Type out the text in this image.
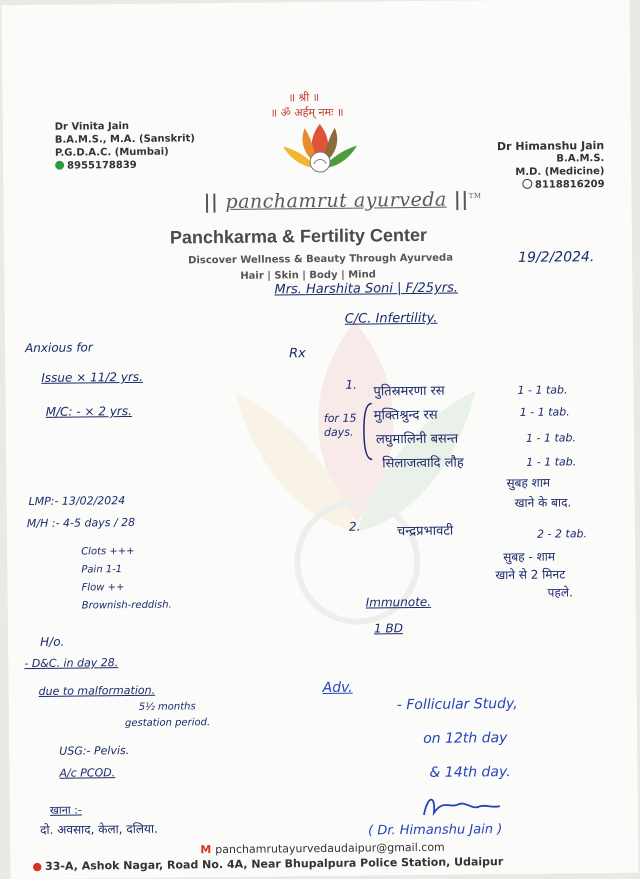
॥ श्री ॥
॥ ॐ अर्हम् नमः ॥
Dr Vinita Jain
B.A.M.S., M.A. (Sanskrit)
P.G.D.A.C. (Mumbai)
8955178839
Dr Himanshu Jain
B.A.M.S.
M.D. (Medicine)
8118816209
|| panchamrut ayurveda ||™
Panchkarma & Fertility Center
Discover Wellness & Beauty Through Ayurveda
Hair | Skin | Body | Mind
19/2/2024.
Mrs. Harshita Soni | F/25yrs.
C/C. Infertility.
Anxious for
Issue × 11/2 yrs.
M/C: - × 2 yrs.
LMP:- 13/02/2024
M/H :- 4-5 days / 28
Clots +++
Pain 1-1
Flow ++
Brownish-reddish.
H/o.
- D&C. in day 28.
due to malformation.
5½ months
gestation period.
USG:- Pelvis.
A/c PCOD.
Rx
1. पुतिस्रमरणा रस	1 - 1 tab.
मुक्तिश्रुन्द रस	1 - 1 tab.
लघुमालिनी बसन्त	1 - 1 tab.
सिलाजत्वादि लौह	1 - 1 tab.
for 15 days.
सुबह शाम
खाने के बाद.
2.	चन्द्रप्रभावटी	2 - 2 tab.
सुबह - शाम
खाने से 2 मिनट
पहले.
Immunote.
1 BD
Adv.
- Follicular Study,
on 12th day
& 14th day.
( Dr. Himanshu Jain )
खाना :-
दो. अवसाद, केला, दलिया.
M panchamrutayurvedaudaipur@gmail.com
● 33-A, Ashok Nagar, Road No. 4A, Near Bhupalpura Police Station, Udaipur
